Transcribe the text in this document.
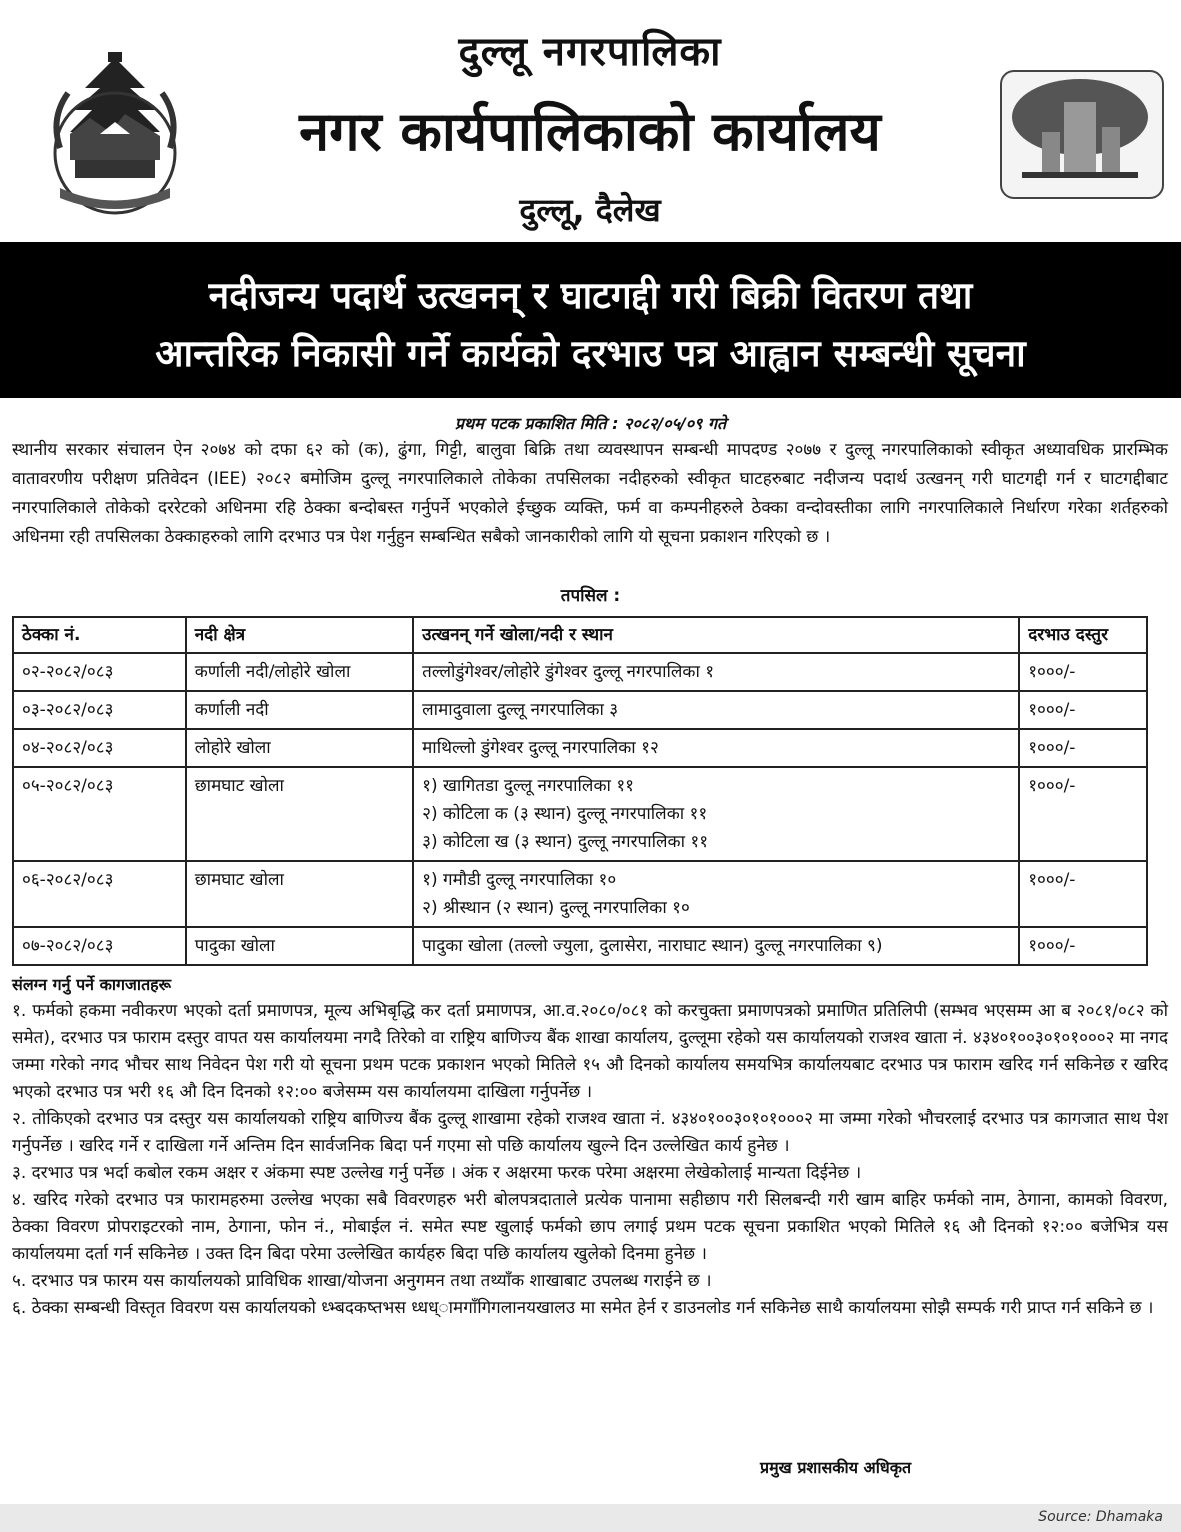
दुल्लू नगरपालिका
नगर कार्यपालिकाको कार्यालय
दुल्लू, दैलेख
नदीजन्य पदार्थ उत्खनन् र घाटगद्दी गरी बिक्री वितरण तथा
आन्तरिक निकासी गर्ने कार्यको दरभाउ पत्र आह्वान सम्बन्धी सूचना
प्रथम पटक प्रकाशित मिति : २०८२/०५/०९ गते
स्थानीय सरकार संचालन ऐन २०७४ को दफा ६२ को (क), ढुंगा, गिट्टी, बालुवा बिक्रि तथा व्यवस्थापन सम्बन्धी मापदण्ड २०७७ र दुल्लू नगरपालिकाको स्वीकृत अध्यावधिक प्रारम्भिक वातावरणीय परीक्षण प्रतिवेदन (IEE) २०८२ बमोजिम दुल्लू नगरपालिकाले तोकेका तपसिलका नदीहरुको स्वीकृत घाटहरुबाट नदीजन्य पदार्थ उत्खनन् गरी घाटगद्दी गर्न र घाटगद्दीबाट नगरपालिकाले तोकेको दररेटको अधिनमा रहि ठेक्का बन्दोबस्त गर्नुपर्ने भएकोले ईच्छुक व्यक्ति, फर्म वा कम्पनीहरुले ठेक्का वन्दोवस्तीका लागि नगरपालिकाले निर्धारण गरेका शर्तहरुको अधिनमा रही तपसिलका ठेक्काहरुको लागि दरभाउ पत्र पेश गर्नुहुन सम्बन्धित सबैको जानकारीको लागि यो सूचना प्रकाशन गरिएको छ ।
तपसिल :
ठेक्का नं.	नदी क्षेत्र	उत्खनन् गर्ने खोला/नदी र स्थान	दरभाउ दस्तुर
०२-२०८२/०८३	कर्णाली नदी/लोहोरे खोला	तल्लोडुंगेश्वर/लोहोरे डुंगेश्वर दुल्लू नगरपालिका १	१०००/-
०३-२०८२/०८३	कर्णाली नदी	लामादुवाला दुल्लू नगरपालिका ३	१०००/-
०४-२०८२/०८३	लोहोरे खोला	माथिल्लो डुंगेश्वर दुल्लू नगरपालिका १२	१०००/-
०५-२०८२/०८३	छामघाट खोला	१) खागितडा दुल्लू नगरपालिका ११
२) कोटिला क (३ स्थान) दुल्लू नगरपालिका ११
३) कोटिला ख (३ स्थान) दुल्लू नगरपालिका ११	१०००/-
०६-२०८२/०८३	छामघाट खोला	१) गमौडी दुल्लू नगरपालिका १०
२) श्रीस्थान (२ स्थान) दुल्लू नगरपालिका १०	१०००/-
०७-२०८२/०८३	पादुका खोला	पादुका खोला (तल्लो ज्युला, दुलासेरा, नाराघाट स्थान) दुल्लू नगरपालिका ९)	१०००/-
संलग्न गर्नु पर्ने कागजातहरू

१. फर्मको हकमा नवीकरण भएको दर्ता प्रमाणपत्र, मूल्य अभिबृद्धि कर दर्ता प्रमाणपत्र, आ.व.२०८०/०८१ को करचुक्ता प्रमाणपत्रको प्रमाणित प्रतिलिपी (सम्भव भएसम्म आ ब २०८१/०८२ को समेत), दरभाउ पत्र फाराम दस्तुर वापत यस कार्यालयमा नगदै तिरेको वा राष्ट्रिय बाणिज्य बैंक शाखा कार्यालय, दुल्लूमा रहेको यस कार्यालयको राजश्व खाता नं. ४३४०१००३०१०१०००२ मा नगद जम्मा गरेको नगद भौचर साथ निवेदन पेश गरी यो सूचना प्रथम पटक प्रकाशन भएको मितिले १५ औ दिनको कार्यालय समयभित्र कार्यालयबाट दरभाउ पत्र फाराम खरिद गर्न सकिनेछ र खरिद भएको दरभाउ पत्र भरी १६ औ दिन दिनको १२:०० बजेसम्म यस कार्यालयमा दाखिला गर्नुपर्नेछ ।

२. तोकिएको दरभाउ पत्र दस्तुर यस कार्यालयको राष्ट्रिय बाणिज्य बैंक दुल्लू शाखामा रहेको राजश्व खाता नं. ४३४०१००३०१०१०००२ मा जम्मा गरेको भौचरलाई दरभाउ पत्र कागजात साथ पेश गर्नुपर्नेछ । खरिद गर्ने र दाखिला गर्ने अन्तिम दिन सार्वजनिक बिदा पर्न गएमा सो पछि कार्यालय खुल्ने दिन उल्लेखित कार्य हुनेछ ।

३. दरभाउ पत्र भर्दा कबोल रकम अक्षर र अंकमा स्पष्ट उल्लेख गर्नु पर्नेछ । अंक र अक्षरमा फरक परेमा अक्षरमा लेखेकोलाई मान्यता दिईनेछ ।

४. खरिद गरेको दरभाउ पत्र फारामहरुमा उल्लेख भएका सबै विवरणहरु भरी बोलपत्रदाताले प्रत्येक पानामा सहीछाप गरी सिलबन्दी गरी खाम बाहिर फर्मको नाम, ठेगाना, कामको विवरण, ठेक्का विवरण प्रोपराइटरको नाम, ठेगाना, फोन नं., मोबाईल नं. समेत स्पष्ट खुलाई फर्मको छाप लगाई प्रथम पटक सूचना प्रकाशित भएको मितिले १६ औ दिनको १२:०० बजेभित्र यस कार्यालयमा दर्ता गर्न सकिनेछ । उक्त दिन बिदा परेमा उल्लेखित कार्यहरु बिदा पछि कार्यालय खुलेको दिनमा हुनेछ ।

५. दरभाउ पत्र फारम यस कार्यालयको प्राविधिक शाखा/योजना अनुगमन तथा तथ्याँक शाखाबाट उपलब्ध गराईने छ ।

६. ठेक्का सम्बन्धी विस्तृत विवरण यस कार्यालयको ध्भ्बदकष्तभस ध्धध्ामगाँगिगलानयखालउ मा समेत हेर्न र डाउनलोड गर्न सकिनेछ साथै कार्यालयमा सोझै सम्पर्क गरी प्राप्त गर्न सकिने छ ।

प्रमुख प्रशासकीय अधिकृत
Source: Dhamaka
